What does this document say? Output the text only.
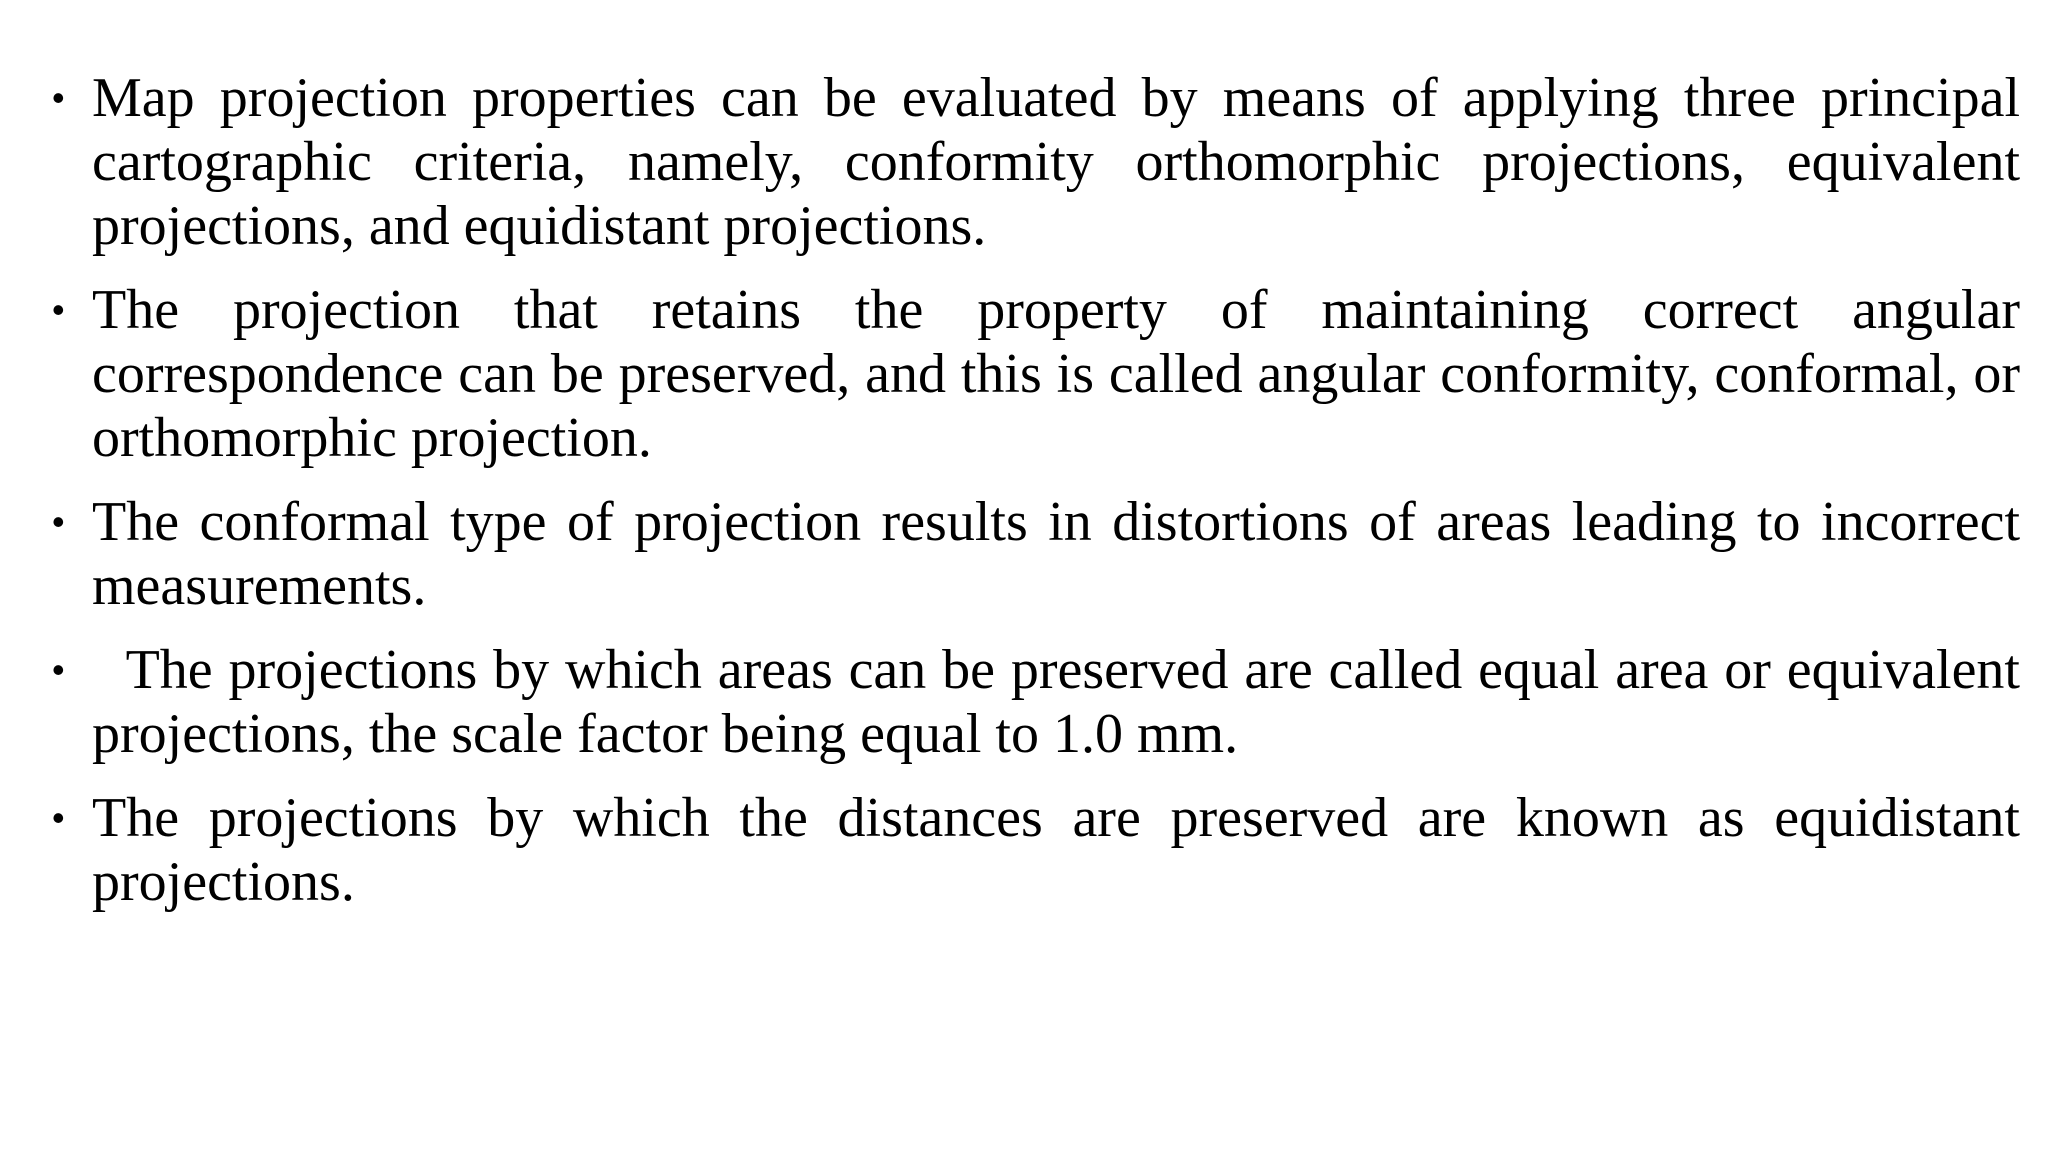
• Map projection properties can be evaluated by means of applying three principal cartographic criteria, namely, conformity orthomorphic projections, equivalent projections, and equidistant projections.
• The projection that retains the property of maintaining correct angular correspondence can be preserved, and this is called angular conformity, conformal, or orthomorphic projection.
• The conformal type of projection results in distortions of areas leading to incorrect measurements.
•	The projections by which areas can be preserved are called equal area or equivalent projections, the scale factor being equal to 1.0 mm.
• The projections by which the distances are preserved are known as equidistant projections.
